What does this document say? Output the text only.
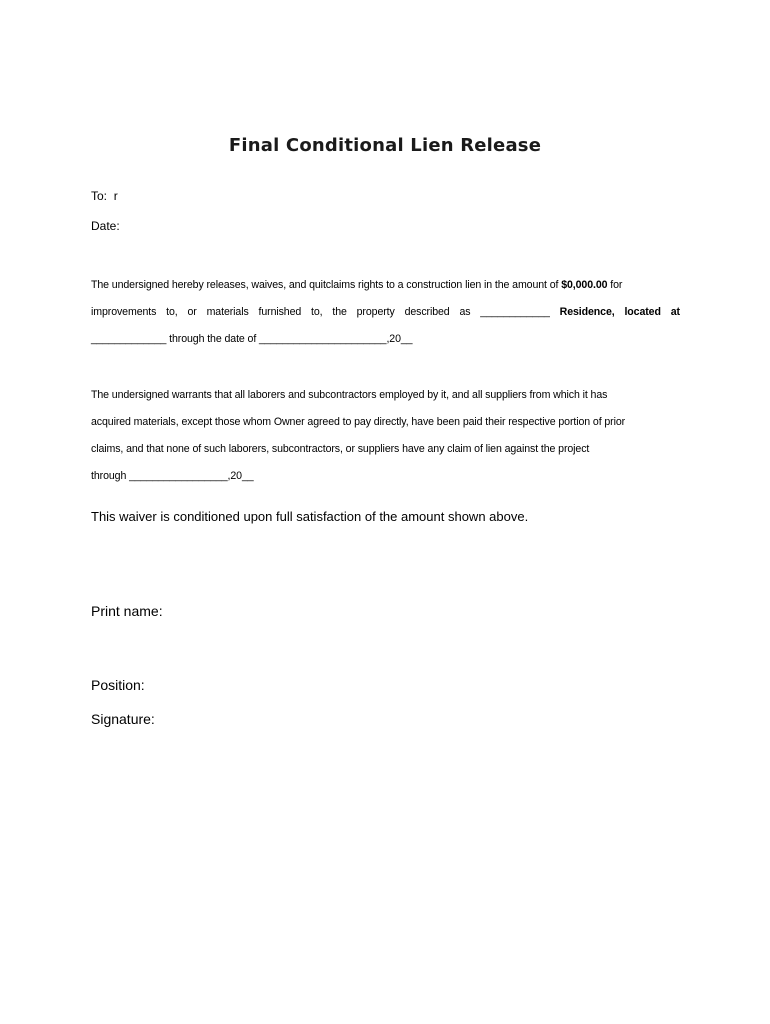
Final Conditional Lien Release
To: r
Date:
The undersigned hereby releases, waives, and quitclaims rights to a construction lien in the amount of $0,000.00 for
improvements to, or materials furnished to, the property described as ____________ Residence, located at
_____________ through the date of ______________________,20__
The undersigned warrants that all laborers and subcontractors employed by it, and all suppliers from which it has
acquired materials, except those whom Owner agreed to pay directly, have been paid their respective portion of prior
claims, and that none of such laborers, subcontractors, or suppliers have any claim of lien against the project
through _________________,20__
This waiver is conditioned upon full satisfaction of the amount shown above.
Print name:
Position:
Signature:
